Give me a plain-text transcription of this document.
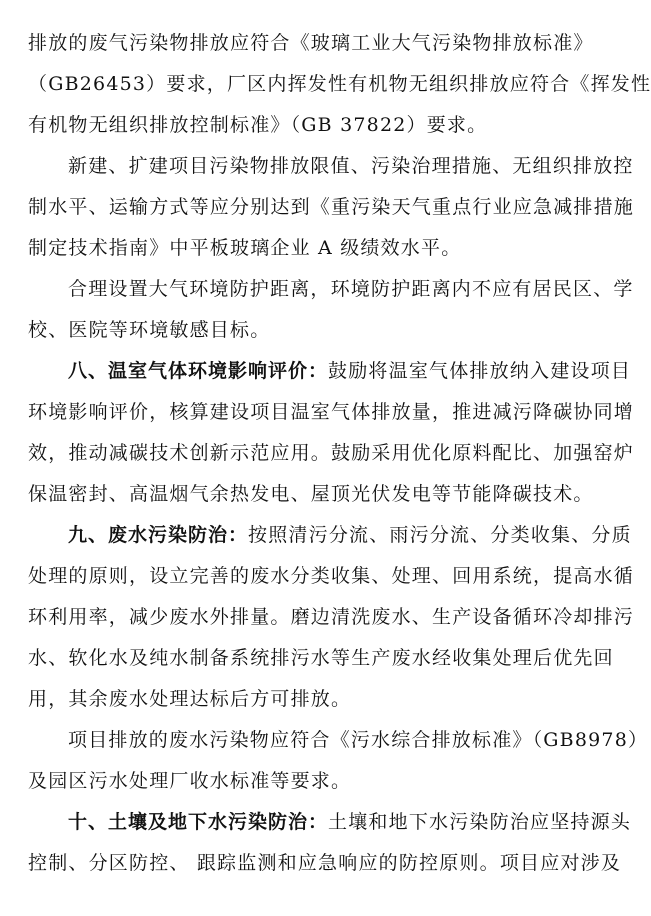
排放的废气污染物排放应符合《玻璃工业大气污染物排放标准》
（GB26453）要求，厂区内挥发性有机物无组织排放应符合《挥发性
有机物无组织排放控制标准》（GB 37822）要求。
新建、扩建项目污染物排放限值、污染治理措施、无组织排放控
制水平、运输方式等应分别达到《重污染天气重点行业应急减排措施
制定技术指南》中平板玻璃企业 A 级绩效水平。
合理设置大气环境防护距离，环境防护距离内不应有居民区、学
校、医院等环境敏感目标。
八、温室气体环境影响评价：鼓励将温室气体排放纳入建设项目
环境影响评价，核算建设项目温室气体排放量，推进减污降碳协同增
效，推动减碳技术创新示范应用。鼓励采用优化原料配比、加强窑炉
保温密封、高温烟气余热发电、屋顶光伏发电等节能降碳技术。
九、废水污染防治：按照清污分流、雨污分流、分类收集、分质
处理的原则，设立完善的废水分类收集、处理、回用系统，提高水循
环利用率，减少废水外排量。磨边清洗废水、生产设备循环冷却排污
水、软化水及纯水制备系统排污水等生产废水经收集处理后优先回
用，其余废水处理达标后方可排放。
项目排放的废水污染物应符合《污水综合排放标准》（GB8978）
及园区污水处理厂收水标准等要求。
十、土壤及地下水污染防治：土壤和地下水污染防治应坚持源头
控制、分区防控、 跟踪监测和应急响应的防控原则。项目应对涉及
